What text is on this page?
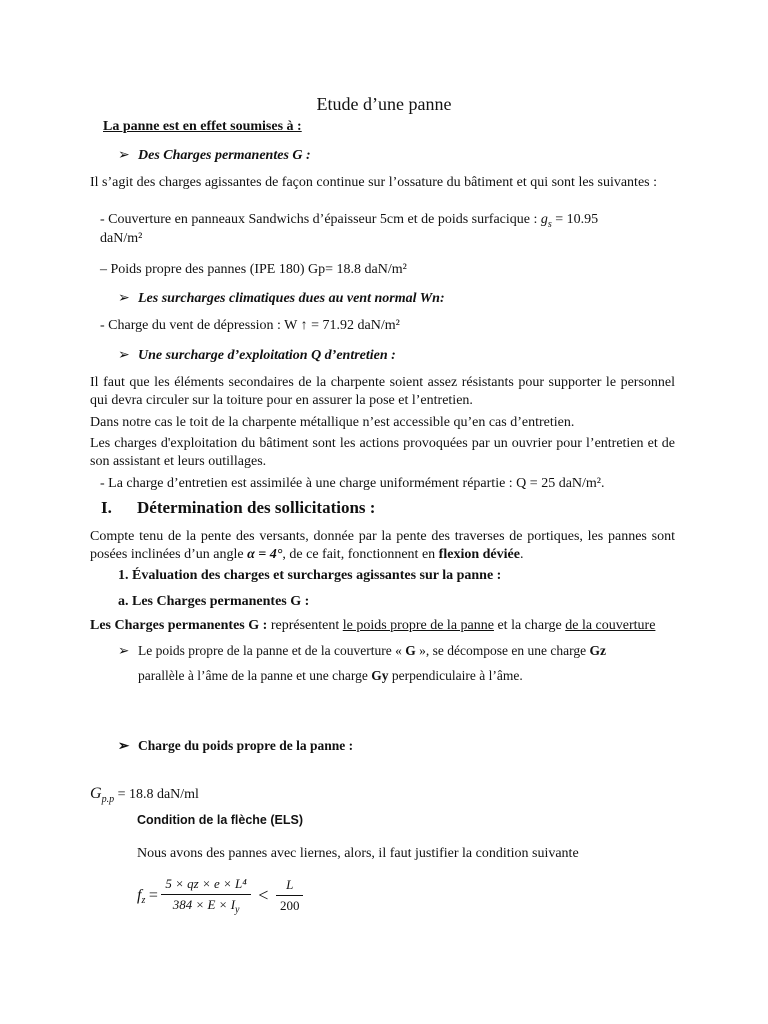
Etude d’une panne
La panne est en effet soumises à :
➢ Des Charges permanentes G :
Il s’agit des charges agissantes de façon continue sur l’ossature du bâtiment et qui sont les suivantes :
- Couverture en panneaux Sandwichs d’épaisseur 5cm et de poids surfacique : $g_s = 10.95$
daN/m²
– Poids propre des pannes (IPE 180) Gp= 18.8 daN/m²
➢ Les surcharges climatiques dues au vent normal Wn:
- Charge du vent de dépression : W ↑ = 71.92 daN/m²
➢ Une surcharge d’exploitation Q d’entretien :
Il faut que les éléments secondaires de la charpente soient assez résistants pour supporter le personnel qui devra circuler sur la toiture pour en assurer la pose et l’entretien.
Dans notre cas le toit de la charpente métallique n’est accessible qu’en cas d’entretien.
Les charges d'exploitation du bâtiment sont les actions provoquées par un ouvrier pour l’entretien et de son assistant et leurs outillages.
- La charge d’entretien est assimilée à une charge uniformément répartie : Q = 25 daN/m².
I. Détermination des sollicitations :
Compte tenu de la pente des versants, donnée par la pente des traverses de portiques, les pannes sont posées inclinées d’un angle α = 4°, de ce fait, fonctionnent en flexion déviée.
1. Évaluation des charges et surcharges agissantes sur la panne :
a. Les Charges permanentes G :
Les Charges permanentes G : représentent le poids propre de la panne et la charge de la couverture
➢ Le poids propre de la panne et de la couverture « G », se décompose en une charge Gz
parallèle à l’âme de la panne et une charge Gy perpendiculaire à l’âme.
➢ Charge du poids propre de la panne :
$G_{p.p} = 18.8$ daN/ml
Condition de la flèche (ELS)
Nous avons des pannes avec liernes, alors, il faut justifier la condition suivante
$f_z = \frac{\text{5 × qz × e × L⁴}}{384 \times E \times I_y} < \frac{L}{200}$
